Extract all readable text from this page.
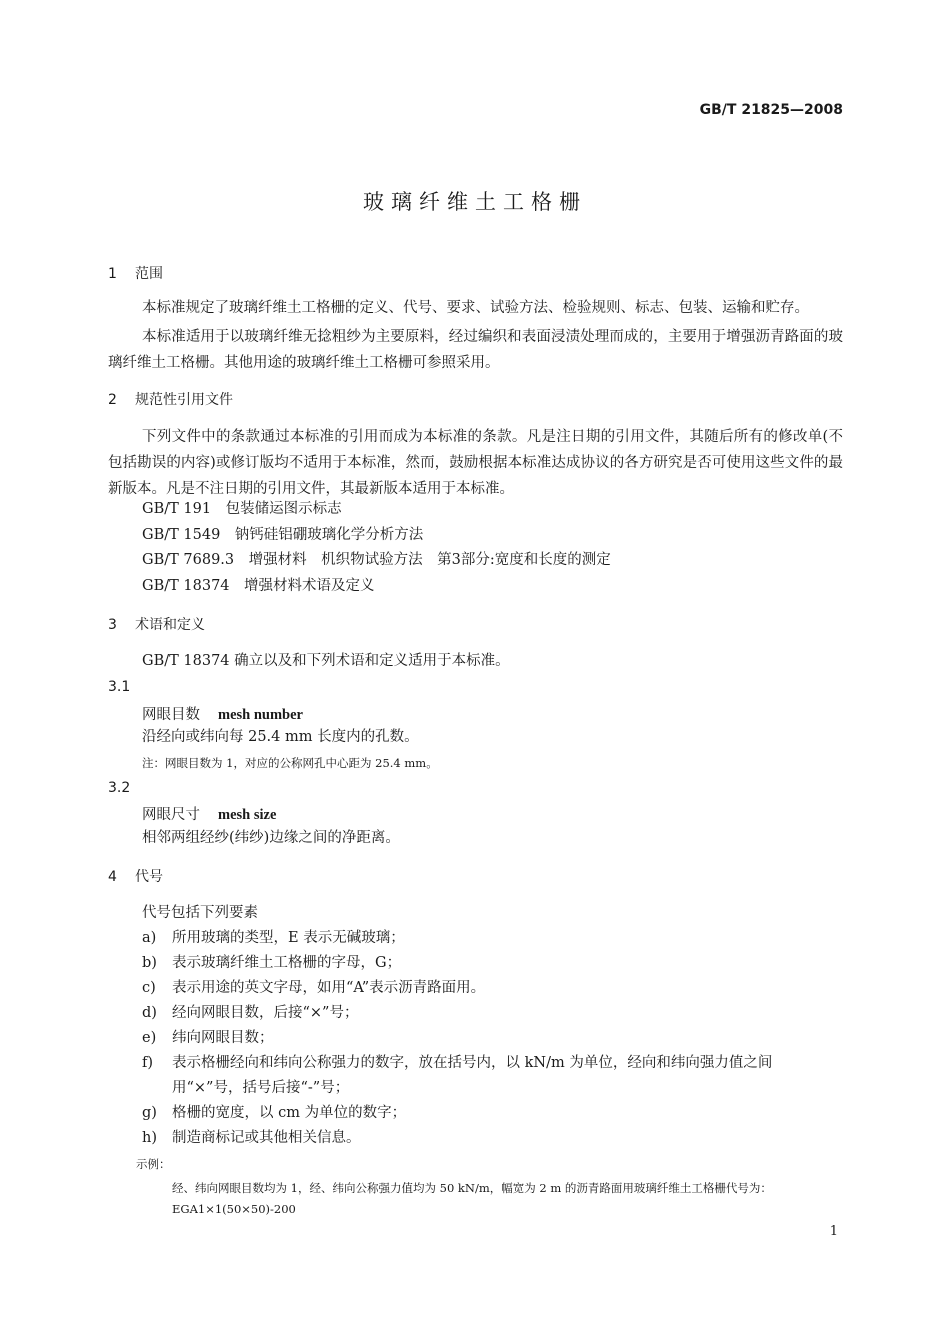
GB/T 21825—2008
玻璃纤维土工格栅
1 范围
本标准规定了玻璃纤维土工格栅的定义、代号、要求、试验方法、检验规则、标志、包装、运输和贮存。
本标准适用于以玻璃纤维无捻粗纱为主要原料，经过编织和表面浸渍处理而成的，主要用于增强沥青路面的玻璃纤维土工格栅。其他用途的玻璃纤维土工格栅可参照采用。
2 规范性引用文件
下列文件中的条款通过本标准的引用而成为本标准的条款。凡是注日期的引用文件，其随后所有的修改单(不包括勘误的内容)或修订版均不适用于本标准，然而，鼓励根据本标准达成协议的各方研究是否可使用这些文件的最新版本。凡是不注日期的引用文件，其最新版本适用于本标准。
GB/T 191　包装储运图示标志
GB/T 1549　钠钙硅铝硼玻璃化学分析方法
GB/T 7689.3　增强材料　机织物试验方法　第3部分:宽度和长度的测定
GB/T 18374　增强材料术语及定义
3 术语和定义
GB/T 18374 确立以及和下列术语和定义适用于本标准。
3.1
网眼目数 mesh number
沿经向或纬向每 25.4 mm 长度内的孔数。
注：网眼目数为 1，对应的公称网孔中心距为 25.4 mm。
3.2
网眼尺寸 mesh size
相邻两组经纱(纬纱)边缘之间的净距离。
4 代号
代号包括下列要素
a) 所用玻璃的类型，E 表示无碱玻璃；
b) 表示玻璃纤维土工格栅的字母，G；
c) 表示用途的英文字母，如用“A”表示沥青路面用。
d) 经向网眼目数，后接“×”号；
e) 纬向网眼目数；
f) 表示格栅经向和纬向公称强力的数字，放在括号内，以 kN/m 为单位，经向和纬向强力值之间
用“×”号，括号后接“-”号；
g) 格栅的宽度，以 cm 为单位的数字；
h) 制造商标记或其他相关信息。
示例：
经、纬向网眼目数均为 1，经、纬向公称强力值均为 50 kN/m，幅宽为 2 m 的沥青路面用玻璃纤维土工格栅代号为：
EGA1×1(50×50)-200
1
